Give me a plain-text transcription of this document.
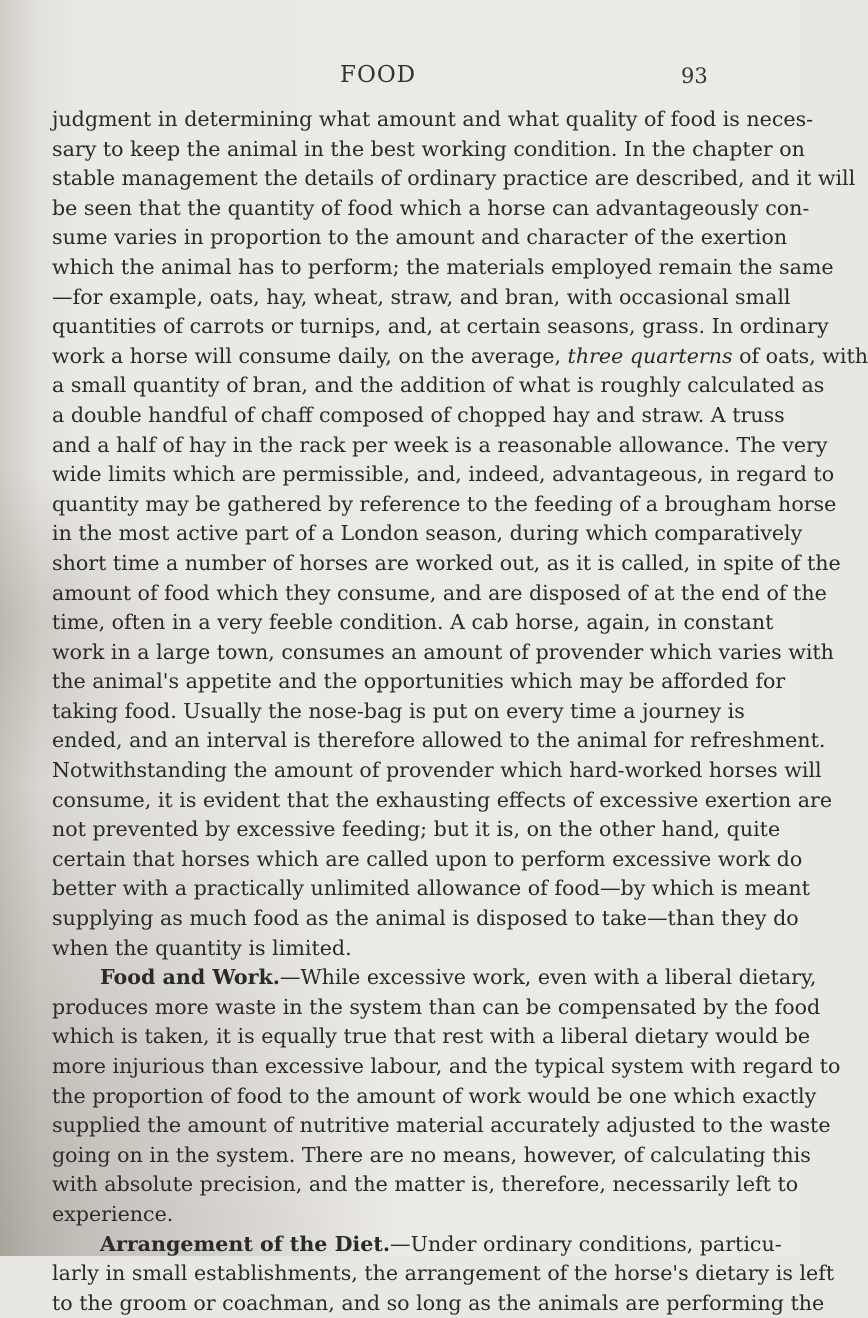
FOOD	93
judgment in determining what amount and what quality of food is neces-
sary to keep the animal in the best working condition. In the chapter on
stable management the details of ordinary practice are described, and it will
be seen that the quantity of food which a horse can advantageously con-
sume varies in proportion to the amount and character of the exertion
which the animal has to perform; the materials employed remain the same
—for example, oats, hay, wheat, straw, and bran, with occasional small
quantities of carrots or turnips, and, at certain seasons, grass. In ordinary
work a horse will consume daily, on the average, three quarterns of oats, with
a small quantity of bran, and the addition of what is roughly calculated as
a double handful of chaff composed of chopped hay and straw. A truss
and a half of hay in the rack per week is a reasonable allowance. The very
wide limits which are permissible, and, indeed, advantageous, in regard to
quantity may be gathered by reference to the feeding of a brougham horse
in the most active part of a London season, during which comparatively
short time a number of horses are worked out, as it is called, in spite of the
amount of food which they consume, and are disposed of at the end of the
time, often in a very feeble condition. A cab horse, again, in constant
work in a large town, consumes an amount of provender which varies with
the animal's appetite and the opportunities which may be afforded for
taking food. Usually the nose-bag is put on every time a journey is
ended, and an interval is therefore allowed to the animal for refreshment.
Notwithstanding the amount of provender which hard-worked horses will
consume, it is evident that the exhausting effects of excessive exertion are
not prevented by excessive feeding; but it is, on the other hand, quite
certain that horses which are called upon to perform excessive work do
better with a practically unlimited allowance of food—by which is meant
supplying as much food as the animal is disposed to take—than they do
when the quantity is limited.
Food and Work.—While excessive work, even with a liberal dietary,
produces more waste in the system than can be compensated by the food
which is taken, it is equally true that rest with a liberal dietary would be
more injurious than excessive labour, and the typical system with regard to
the proportion of food to the amount of work would be one which exactly
supplied the amount of nutritive material accurately adjusted to the waste
going on in the system. There are no means, however, of calculating this
with absolute precision, and the matter is, therefore, necessarily left to
experience.
Arrangement of the Diet.—Under ordinary conditions, particu-
larly in small establishments, the arrangement of the horse's dietary is left
to the groom or coachman, and so long as the animals are performing the
